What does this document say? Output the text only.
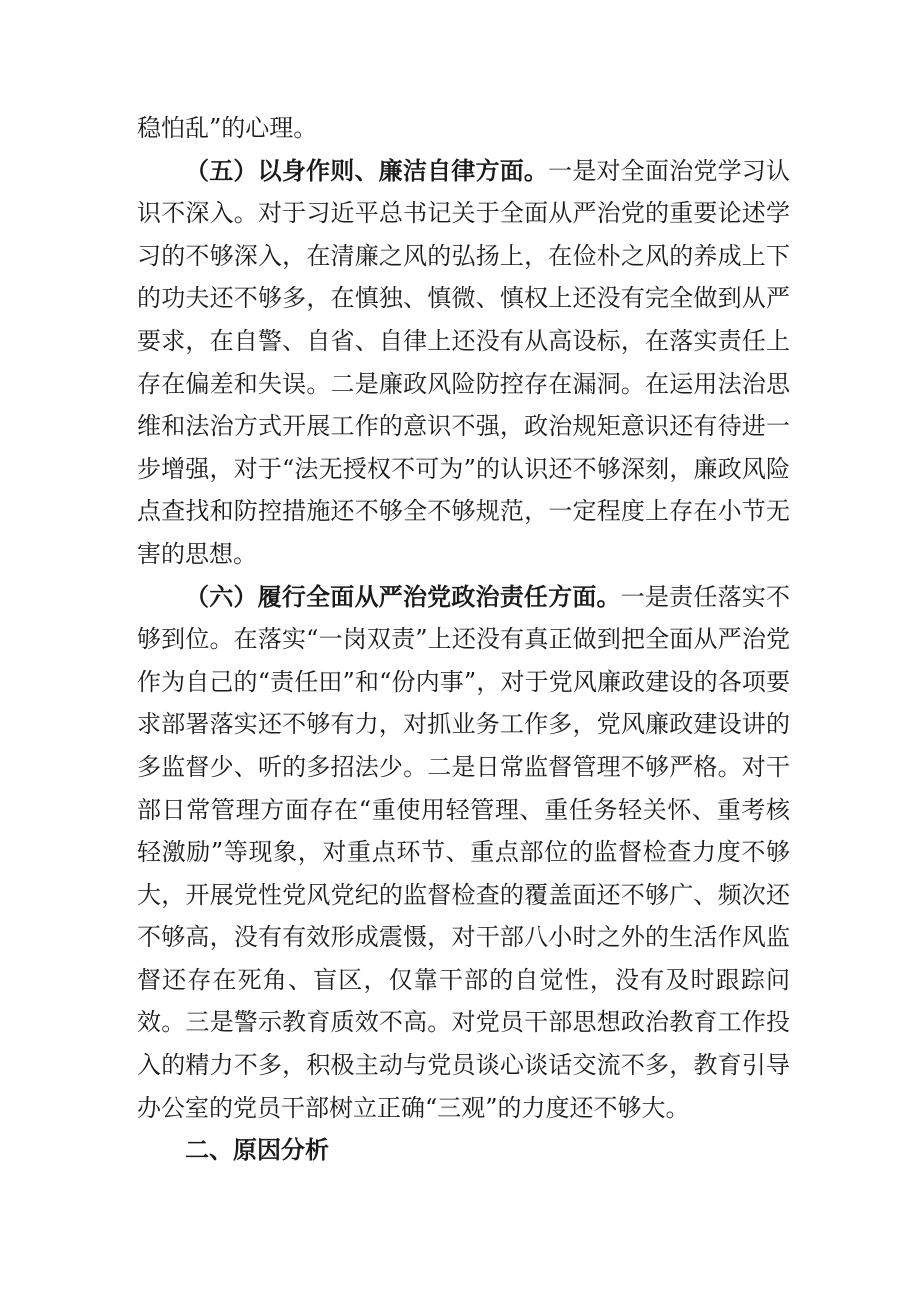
稳怕乱”的心理。

（五）以身作则、廉洁自律方面。一是对全面治党学习认识不深入。对于习近平总书记关于全面从严治党的重要论述学习的不够深入，在清廉之风的弘扬上，在俭朴之风的养成上下的功夫还不够多，在慎独、慎微、慎权上还没有完全做到从严要求，在自警、自省、自律上还没有从高设标，在落实责任上存在偏差和失误。二是廉政风险防控存在漏洞。在运用法治思维和法治方式开展工作的意识不强，政治规矩意识还有待进一步增强，对于“法无授权不可为”的认识还不够深刻，廉政风险点查找和防控措施还不够全不够规范，一定程度上存在小节无害的思想。

（六）履行全面从严治党政治责任方面。一是责任落实不够到位。在落实“一岗双责”上还没有真正做到把全面从严治党作为自己的“责任田”和“份内事”，对于党风廉政建设的各项要求部署落实还不够有力，对抓业务工作多，党风廉政建设讲的多监督少、听的多招法少。二是日常监督管理不够严格。对干部日常管理方面存在“重使用轻管理、重任务轻关怀、重考核轻激励”等现象，对重点环节、重点部位的监督检查力度不够大，开展党性党风党纪的监督检查的覆盖面还不够广、频次还不够高，没有有效形成震慑，对干部八小时之外的生活作风监督还存在死角、盲区，仅靠干部的自觉性，没有及时跟踪问效。三是警示教育质效不高。对党员干部思想政治教育工作投入的精力不多，积极主动与党员谈心谈话交流不多，教育引导办公室的党员干部树立正确“三观”的力度还不够大。

二、原因分析
